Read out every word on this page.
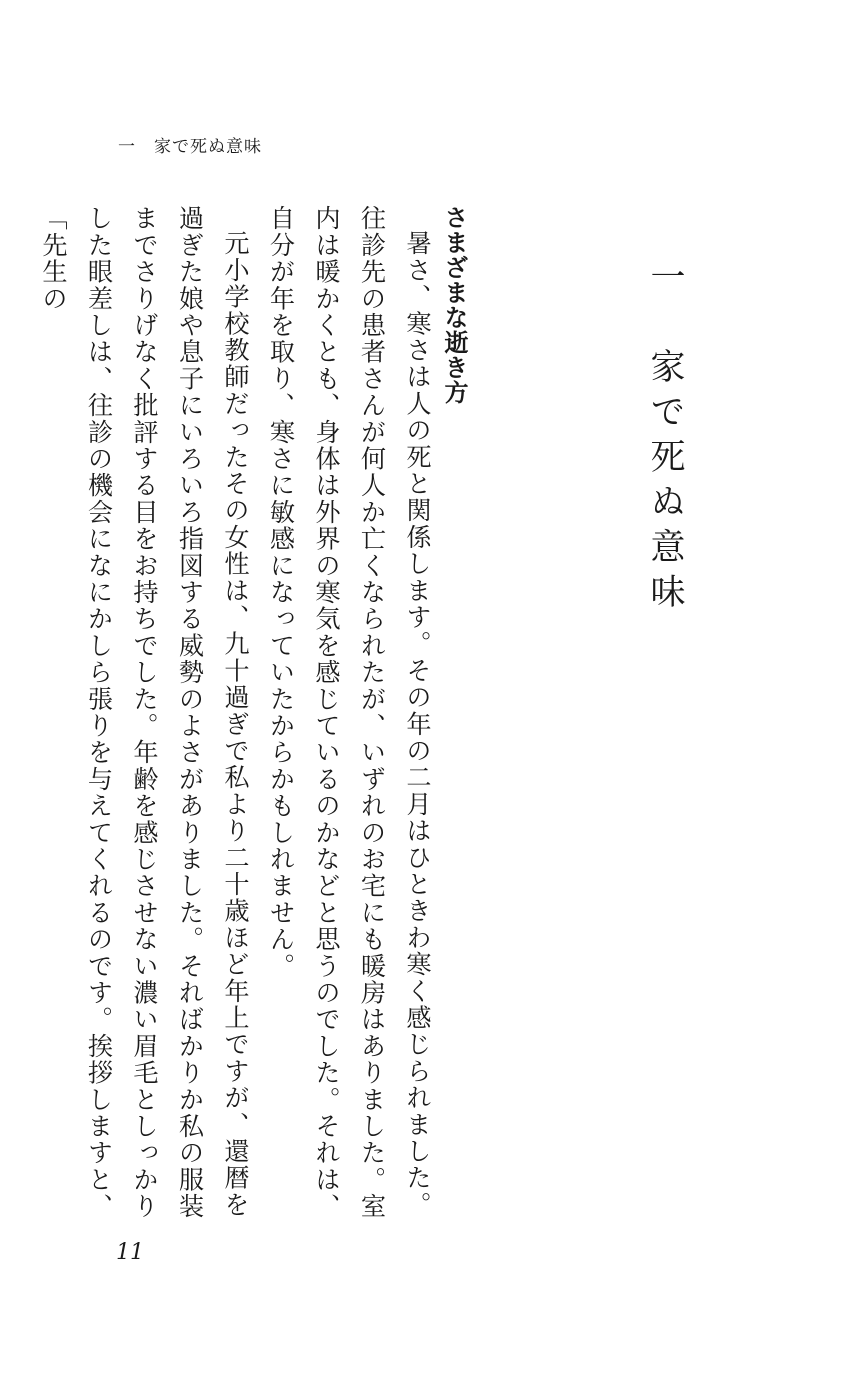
一　家で死ぬ意味
一　家で死ぬ意味
さまざまな逝き方

暑さ、寒さは人の死と関係します。その年の二月はひときわ寒く感じられました。往診先の患者さんが何人か亡くなられたが、いずれのお宅にも暖房はありました。室内は暖かくとも、身体は外界の寒気を感じているのかなどと思うのでした。それは、自分が年を取り、寒さに敏感になっていたからかもしれません。

元小学校教師だったその女性は、九十過ぎで私より二十歳ほど年上ですが、還暦を過ぎた娘や息子にいろいろ指図する威勢のよさがありました。そればかりか私の服装までさりげなく批評する目をお持ちでした。年齢を感じさせない濃い眉毛としっかりした眼差しは、往診の機会になにかしら張りを与えてくれるのです。挨拶しますと、「先生の

11
